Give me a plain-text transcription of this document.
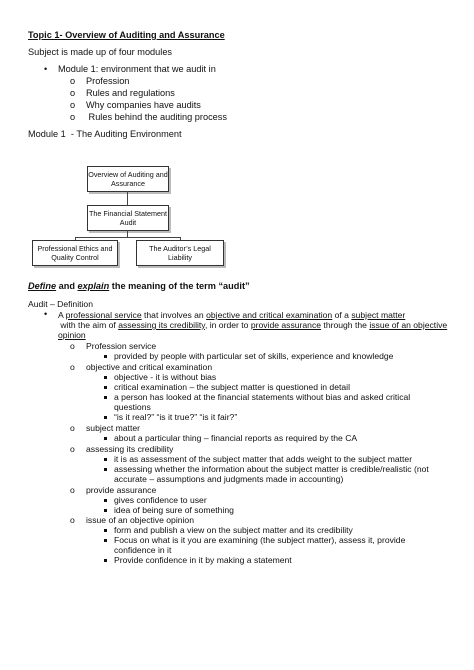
Topic 1- Overview of Auditing and Assurance
Subject is made up of four modules
• Module 1: environment that we audit in
o Profession
o Rules and regulations
o Why companies have audits
o Rules behind the auditing process
Module 1  - The Auditing Environment
Overview of Auditing and Assurance
The Financial Statement Audit
Professional Ethics and Quality Control
The Auditor’s Legal Liability
Define and explain the meaning of the term “audit”
Audit – Definition
• A professional service that involves an objective and critical examination of a subject matter with the aim of assessing its credibility, in order to provide assurance through the issue of an objective opinion
o Profession service
provided by people with particular set of skills, experience and knowledge
o objective and critical examination
objective - it is without bias
critical examination – the subject matter is questioned in detail
a person has looked at the financial statements without bias and asked critical questions
“is it real?” “is it true?” “is it fair?”
o subject matter
about a particular thing – financial reports as required by the CA
o assessing its credibility
it is as assessment of the subject matter that adds weight to the subject matter
assessing whether the information about the subject matter is credible/realistic (not accurate – assumptions and judgments made in accounting)
o provide assurance
gives confidence to user
idea of being sure of something
o issue of an objective opinion
form and publish a view on the subject matter and its credibility
Focus on what is it you are examining (the subject matter), assess it, provide confidence in it
Provide confidence in it by making a statement
